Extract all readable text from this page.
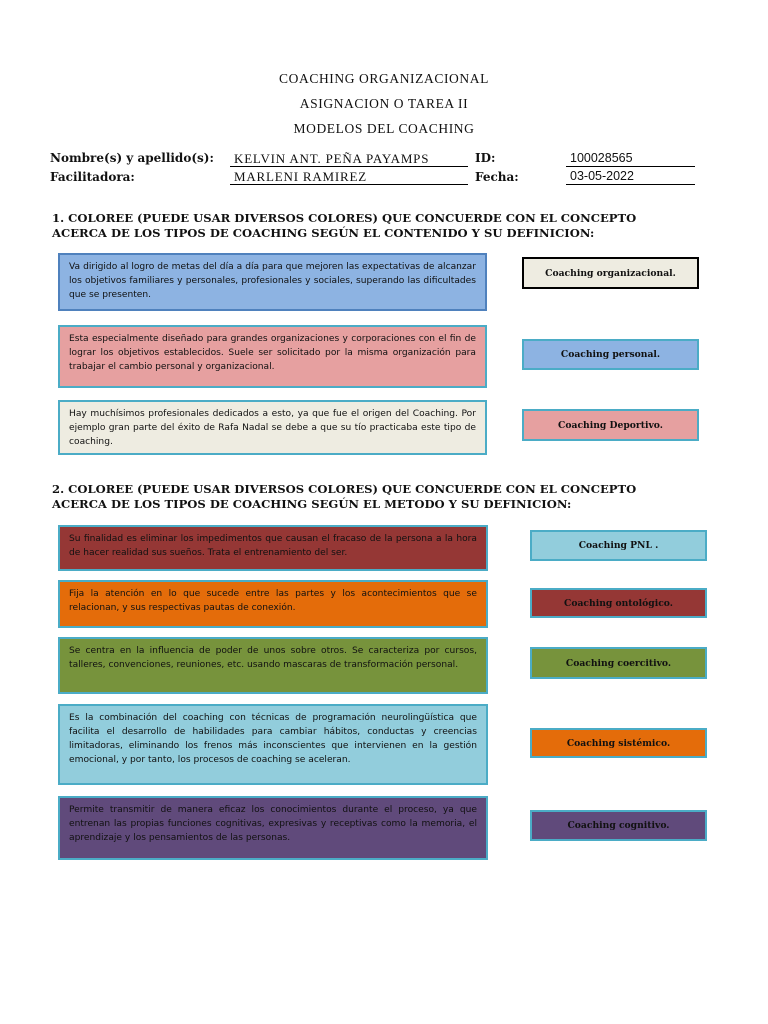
COACHING ORGANIZACIONAL
ASIGNACION O TAREA II
MODELOS DEL COACHING
Nombre(s) y apellido(s):	KELVIN ANT. PEÑA PAYAMPS	ID:	100028565
Facilitadora:	MARLENI RAMIREZ	Fecha:	03-05-2022
1. COLOREE (PUEDE USAR DIVERSOS COLORES) QUE CONCUERDE CON EL CONCEPTO
ACERCA DE LOS TIPOS DE COACHING SEGÚN EL CONTENIDO Y SU DEFINICION:
Va dirigido al logro de metas del día a día para que mejoren las expectativas de alcanzar los objetivos familiares y personales, profesionales y sociales, superando las dificultades que se presenten.
Esta especialmente diseñado para grandes organizaciones y corporaciones con el fin de lograr los objetivos establecidos. Suele ser solicitado por la misma organización para trabajar el cambio personal y organizacional.
Hay muchísimos profesionales dedicados a esto, ya que fue el origen del Coaching. Por ejemplo gran parte del éxito de Rafa Nadal se debe a que su tío practicaba este tipo de coaching.
Coaching organizacional.
Coaching personal.
Coaching Deportivo.
2. COLOREE (PUEDE USAR DIVERSOS COLORES) QUE CONCUERDE CON EL CONCEPTO
ACERCA DE LOS TIPOS DE COACHING SEGÚN EL METODO Y SU DEFINICION:
Su finalidad es eliminar los impedimentos que causan el fracaso de la persona a la hora de hacer realidad sus sueños. Trata el entrenamiento del ser.
Fija la atención en lo que sucede entre las partes y los acontecimientos que se relacionan, y sus respectivas pautas de conexión.
Se centra en la influencia de poder de unos sobre otros. Se caracteriza por cursos, talleres, convenciones, reuniones, etc. usando mascaras de transformación personal.
Es la combinación del coaching con técnicas de programación neurolingüística que facilita el desarrollo de habilidades para cambiar hábitos, conductas y creencias limitadoras, eliminando los frenos más inconscientes que intervienen en la gestión emocional, y por tanto, los procesos de coaching se aceleran.
Permite transmitir de manera eficaz los conocimientos durante el proceso, ya que entrenan las propias funciones cognitivas, expresivas y receptivas como la memoria, el aprendizaje y los pensamientos de las personas.
Coaching PNL .
Coaching ontológico.
Coaching coercitivo.
Coaching sistémico.
Coaching cognitivo.
